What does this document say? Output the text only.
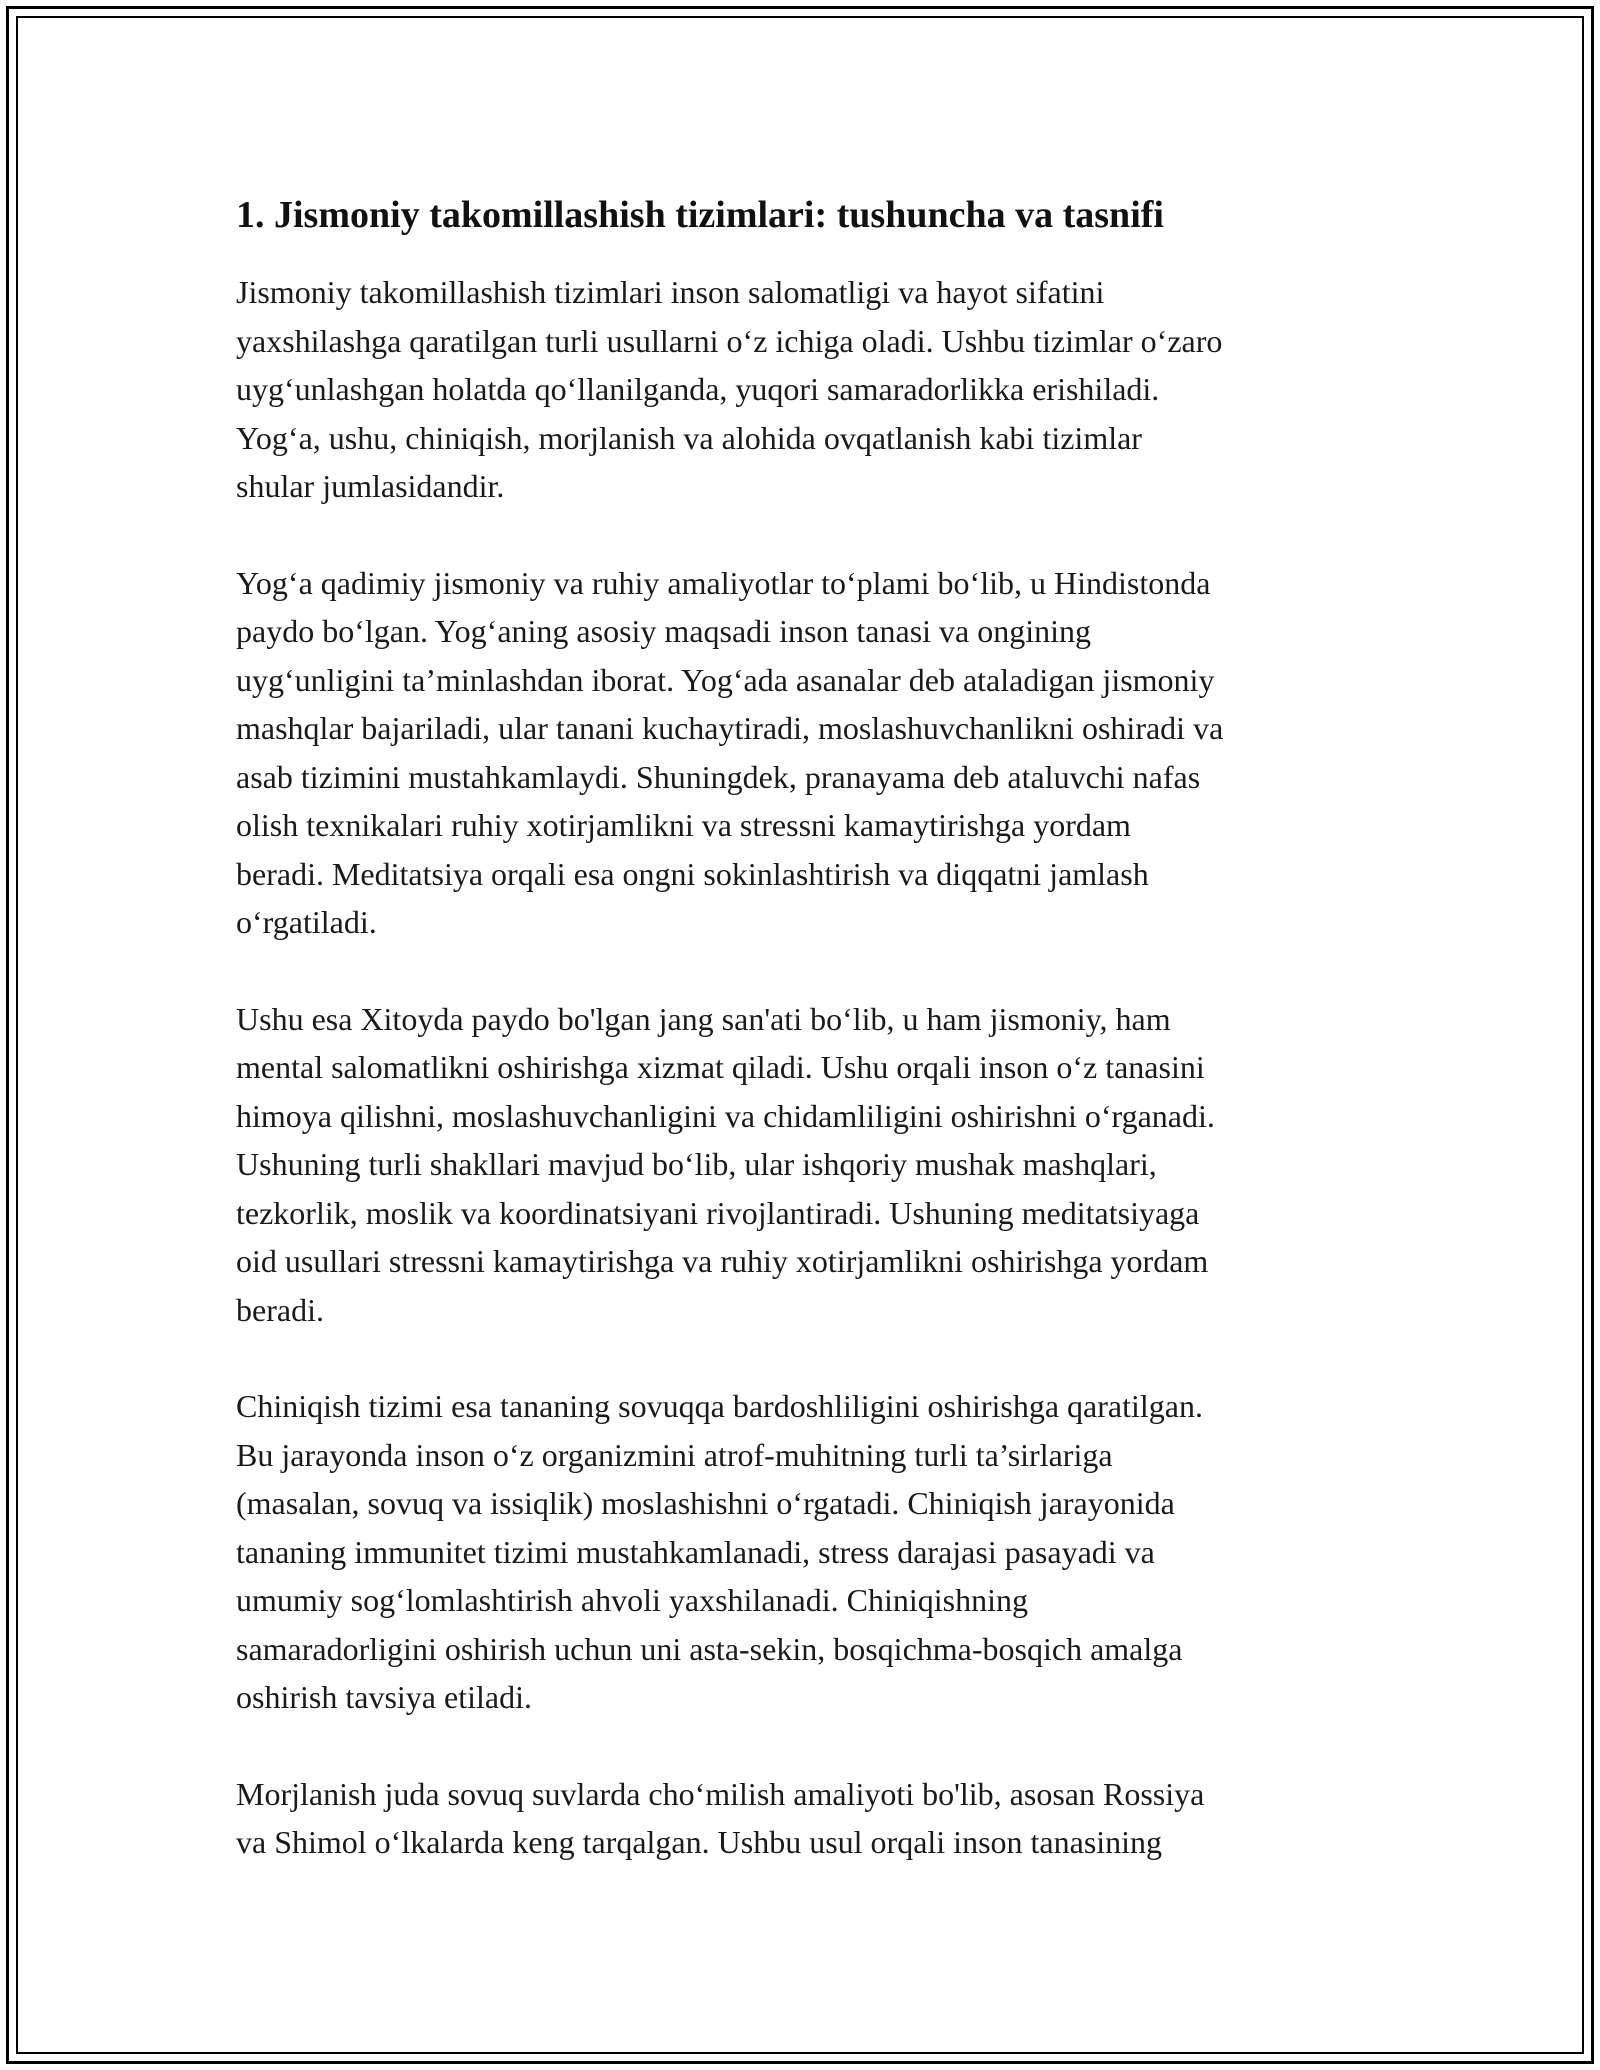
1. Jismoniy takomillashish tizimlari: tushuncha va tasnifi

Jismoniy takomillashish tizimlari inson salomatligi va hayot sifatini
yaxshilashga qaratilgan turli usullarni o‘z ichiga oladi. Ushbu tizimlar o‘zaro
uyg‘unlashgan holatda qo‘llanilganda, yuqori samaradorlikka erishiladi.
Yog‘a, ushu, chiniqish, morjlanish va alohida ovqatlanish kabi tizimlar
shular jumlasidandir.

Yog‘a qadimiy jismoniy va ruhiy amaliyotlar to‘plami bo‘lib, u Hindistonda
paydo bo‘lgan. Yog‘aning asosiy maqsadi inson tanasi va ongining
uyg‘unligini ta’minlashdan iborat. Yog‘ada asanalar deb ataladigan jismoniy
mashqlar bajariladi, ular tanani kuchaytiradi, moslashuvchanlikni oshiradi va
asab tizimini mustahkamlaydi. Shuningdek, pranayama deb ataluvchi nafas
olish texnikalari ruhiy xotirjamlikni va stressni kamaytirishga yordam
beradi. Meditatsiya orqali esa ongni sokinlashtirish va diqqatni jamlash
o‘rgatiladi.

Ushu esa Xitoyda paydo bo'lgan jang san'ati bo‘lib, u ham jismoniy, ham
mental salomatlikni oshirishga xizmat qiladi. Ushu orqali inson o‘z tanasini
himoya qilishni, moslashuvchanligini va chidamliligini oshirishni o‘rganadi.
Ushuning turli shakllari mavjud bo‘lib, ular ishqoriy mushak mashqlari,
tezkorlik, moslik va koordinatsiyani rivojlantiradi. Ushuning meditatsiyaga
oid usullari stressni kamaytirishga va ruhiy xotirjamlikni oshirishga yordam
beradi.

Chiniqish tizimi esa tananing sovuqqa bardoshliligini oshirishga qaratilgan.
Bu jarayonda inson o‘z organizmini atrof-muhitning turli ta’sirlariga
(masalan, sovuq va issiqlik) moslashishni o‘rgatadi. Chiniqish jarayonida
tananing immunitet tizimi mustahkamlanadi, stress darajasi pasayadi va
umumiy sog‘lomlashtirish ahvoli yaxshilanadi. Chiniqishning
samaradorligini oshirish uchun uni asta-sekin, bosqichma-bosqich amalga
oshirish tavsiya etiladi.

Morjlanish juda sovuq suvlarda cho‘milish amaliyoti bo'lib, asosan Rossiya
va Shimol o‘lkalarda keng tarqalgan. Ushbu usul orqali inson tanasining
